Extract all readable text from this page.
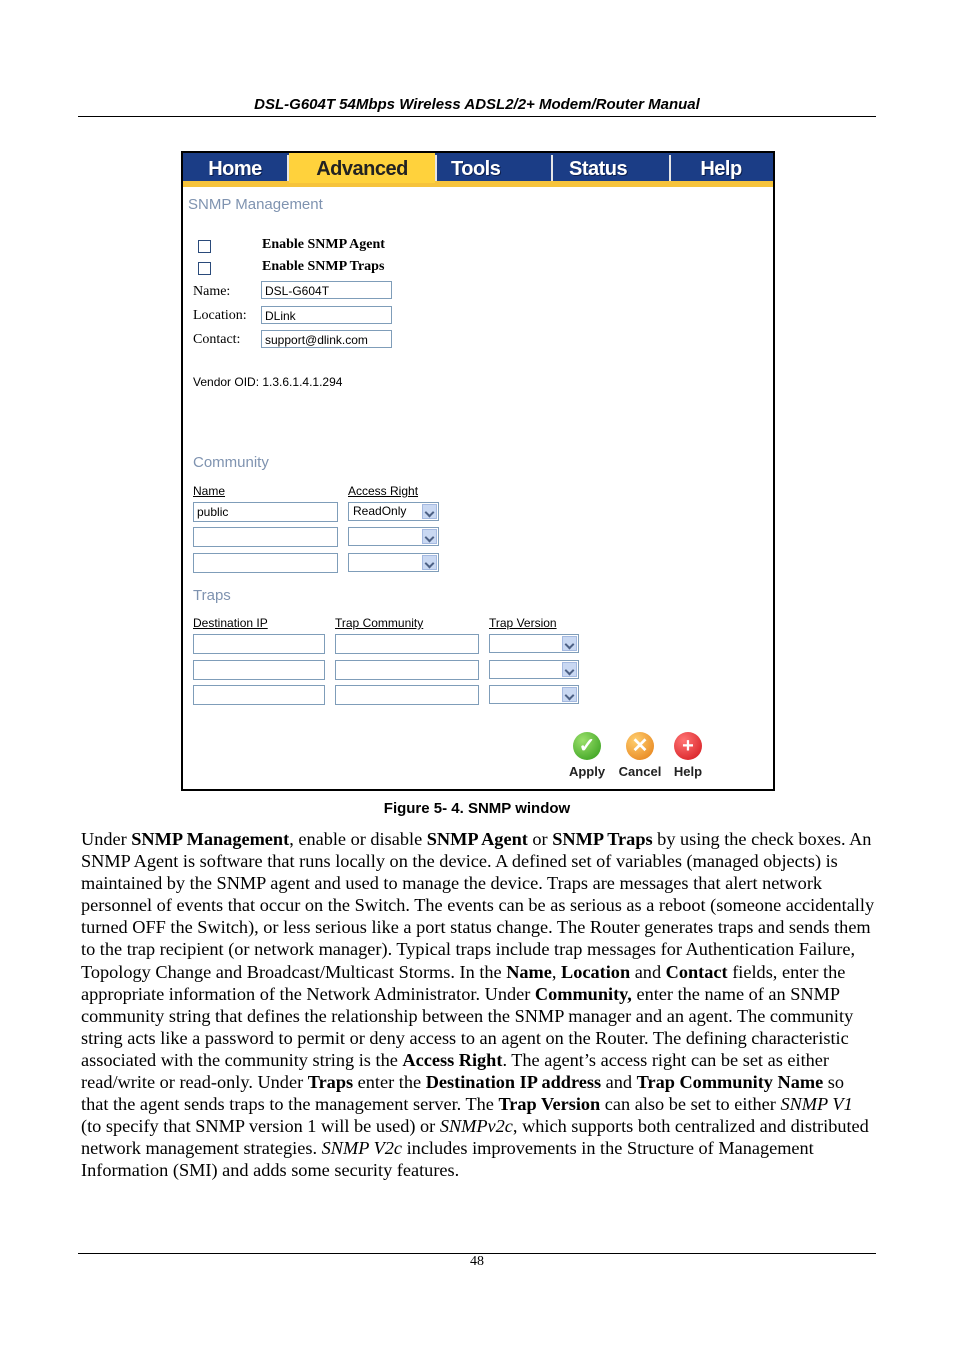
DSL-G604T 54Mbps Wireless ADSL2/2+ Modem/Router Manual
Home	Advanced	Tools	Status	Help
SNMP Management
Enable SNMP Agent
Enable SNMP Traps
Name:	DSL-G604T
Location:	DLink
Contact:	support@dlink.com
Vendor OID: 1.3.6.1.4.1.294
Community
Name	Access Right
public	ReadOnly
Traps
Destination IP	Trap Community	Trap Version
✓
Apply
✕
Cancel
+
Help
Figure 5- 4. SNMP window

Under SNMP Management, enable or disable SNMP Agent or SNMP Traps by using the check boxes. An SNMP Agent is software that runs locally on the device. A defined set of variables (managed objects) is maintained by the SNMP agent and used to manage the device. Traps are messages that alert network personnel of events that occur on the Switch. The events can be as serious as a reboot (someone accidentally turned OFF the Switch), or less serious like a port status change. The Router generates traps and sends them to the trap recipient (or network manager). Typical traps include trap messages for Authentication Failure, Topology Change and Broadcast/Multicast Storms. In the Name, Location and Contact fields, enter the appropriate information of the Network Administrator. Under Community, enter the name of an SNMP community string that defines the relationship between the SNMP manager and an agent. The community string acts like a password to permit or deny access to an agent on the Router. The defining characteristic associated with the community string is the Access Right. The agent’s access right can be set as either read/write or read-only. Under Traps enter the Destination IP address and Trap Community Name so that the agent sends traps to the management server. The Trap Version can also be set to either SNMP V1 (to specify that SNMP version 1 will be used) or SNMPv2c, which supports both centralized and distributed network management strategies. SNMP V2c includes improvements in the Structure of Management Information (SMI) and adds some security features.

48
